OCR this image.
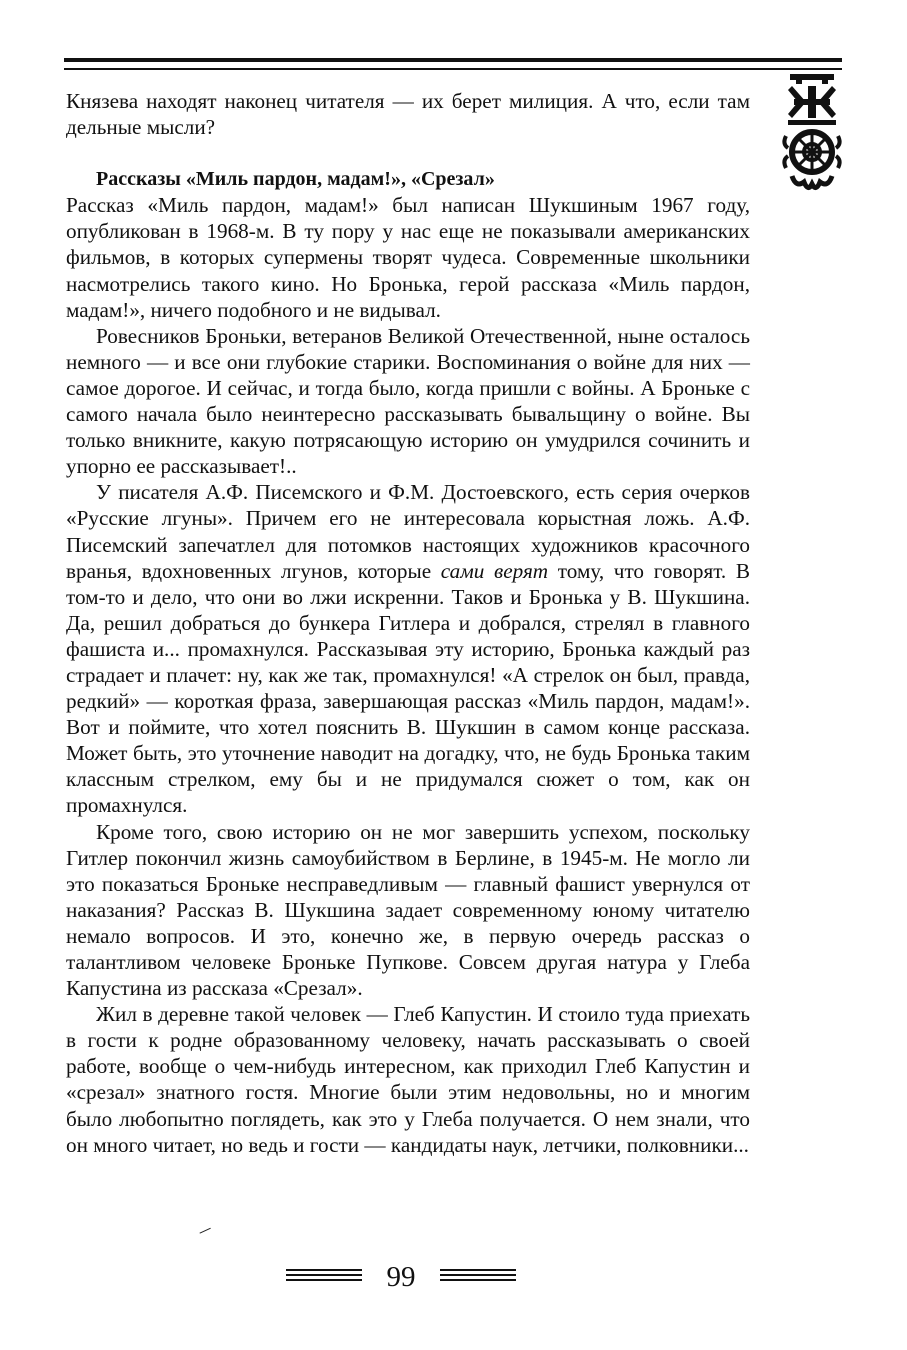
Князева находят наконец читателя — их берет милиция. А что, если там дельные мысли?

Рассказы «Миль пардон, мадам!», «Срезал»

Рассказ «Миль пардон, мадам!» был написан Шукшиным 1967 году, опубликован в 1968-м. В ту пору у нас еще не показывали американских фильмов, в которых супермены творят чудеса. Современные школьники насмотрелись такого кино. Но Бронька, герой рассказа «Миль пардон, мадам!», ничего подобного и не видывал.

Ровесников Броньки, ветеранов Великой Отечественной, ныне осталось немного — и все они глубокие старики. Воспоминания о войне для них — самое дорогое. И сейчас, и тогда было, когда пришли с войны. А Броньке с самого начала было неинтересно рассказывать бывальщину о войне. Вы только вникните, какую потрясающую историю он умудрился сочинить и упорно ее рассказывает!..

У писателя А.Ф. Писемского и Ф.М. Достоевского, есть серия очерков «Русские лгуны». Причем его не интересовала корыстная ложь. А.Ф. Писемский запечатлел для потомков настоящих художников красочного вранья, вдохновенных лгунов, которые сами верят тому, что говорят. В том-то и дело, что они во лжи искренни. Таков и Бронька у В. Шукшина. Да, решил добраться до бункера Гитлера и добрался, стрелял в главного фашиста и... промахнулся. Рассказывая эту историю, Бронька каждый раз страдает и плачет: ну, как же так, промахнулся! «А стрелок он был, правда, редкий» — короткая фраза, завершающая рассказ «Миль пардон, мадам!». Вот и поймите, что хотел пояснить В. Шукшин в самом конце рассказа. Может быть, это уточнение наводит на догадку, что, не будь Бронька таким классным стрелком, ему бы и не придумался сюжет о том, как он промахнулся.

Кроме того, свою историю он не мог завершить успехом, поскольку Гитлер покончил жизнь самоубийством в Берлине, в 1945-м. Не могло ли это показаться Броньке несправедливым — главный фашист увернулся от наказания? Рассказ В. Шукшина задает современному юному читателю немало вопросов. И это, конечно же, в первую очередь рассказ о талантливом человеке Броньке Пупкове. Совсем другая натура у Глеба Капустина из рассказа «Срезал».

Жил в деревне такой человек — Глеб Капустин. И стоило туда приехать в гости к родне образованному человеку, начать рассказывать о своей работе, вообще о чем-нибудь интересном, как приходил Глеб Капустин и «срезал» знатного гостя. Многие были этим недовольны, но и многим было любопытно поглядеть, как это у Глеба получается. О нем знали, что он много читает, но ведь и гости — кандидаты наук, летчики, полковники...

99
